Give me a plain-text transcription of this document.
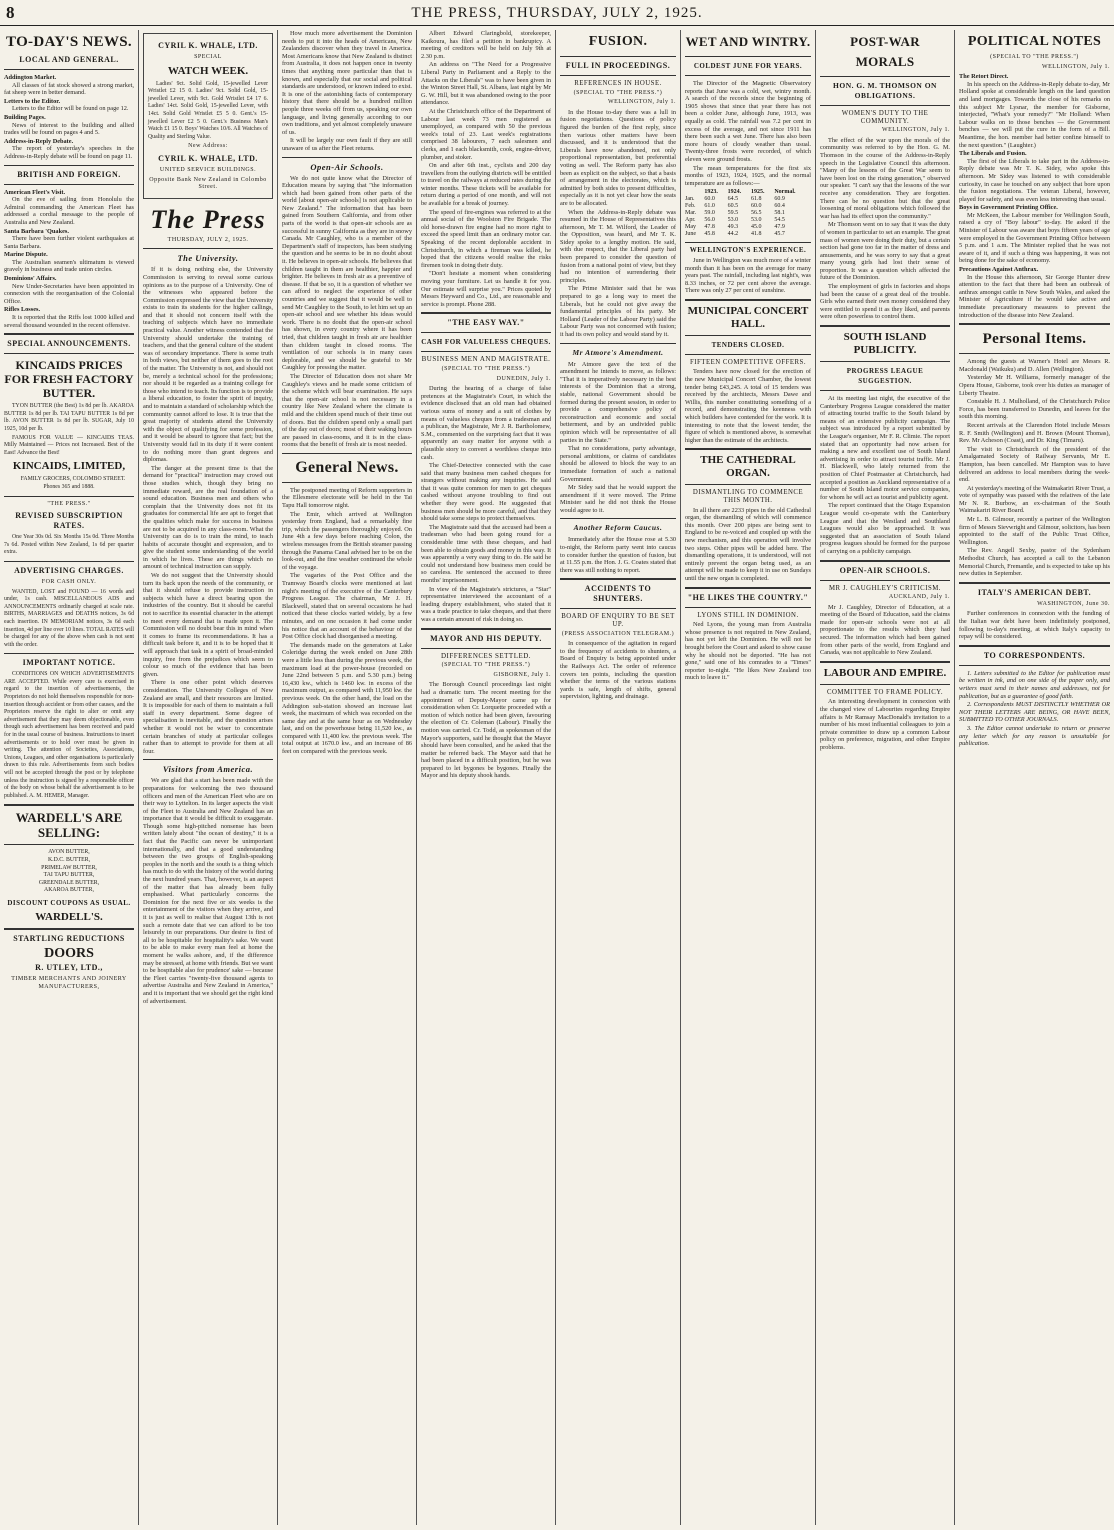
8	THE PRESS, THURSDAY, JULY 2, 1925.
TO-DAY'S NEWS.
LOCAL AND GENERAL.
Addington Market.

All classes of fat stock showed a strong market, fat sheep were in better demand.

Letters to the Editor.

Letters to the Editor will be found on page 12.

Building Pages.

News of interest to the building and allied trades will be found on pages 4 and 5.

Address-in-Reply Debate.

The report of yesterday's speeches in the Address-in-Reply debate will be found on page 11.

BRITISH AND FOREIGN.
American Fleet's Visit.

On the eve of sailing from Honolulu the Admiral commanding the American Fleet has addressed a cordial message to the people of Australia and New Zealand.

Santa Barbara 'Quakes.

There have been further violent earthquakes at Santa Barbara.

Marine Dispute.

The Australian seamen's ultimatum is viewed gravely in business and trade union circles.

Dominions' Affairs.

New Under-Secretaries have been appointed in connexion with the reorganisation of the Colonial Office.

Rifles Losses.

It is reported that the Riffs lost 1000 killed and several thousand wounded in the recent offensive.

SPECIAL ANNOUNCEMENTS.
KINCAIDS PRICES FOR FRESH FACTORY BUTTER.

TYON BUTTER (the Best) 1s 8d per lb. AKAROA BUTTER 1s 8d per lb. TAI TAPU BUTTER 1s 8d per lb. AVON BUTTER 1s 8d per lb. SUGAR, July 10 1925, 10d per lb.

FAMOUS FOR VALUE — KINCAIDS TEAS. Milly Maintained — Prices not Increased. Best of the East! Advance the Best!

KINCAIDS, LIMITED,

FAMILY GROCERS, COLOMBO STREET. Phones 365 and 1888.

"THE PRESS."
REVISED SUBSCRIPTION RATES.

One Year 30s 0d. Six Months 15s 0d. Three Months 7s 6d. Posted within New Zealand, 1s 6d per quarter extra.

ADVERTISING CHARGES.
FOR CASH ONLY.

WANTED, LOST and FOUND — 16 words and under, 1s cash. MISCELLANEOUS ADS and ANNOUNCEMENTS ordinarily charged at scale rate. BIRTHS, MARRIAGES and DEATHS notices, 3s 6d each insertion. IN MEMORIAM notices, 3s 6d each insertion, 4d per line over 10 lines. TOTAL RATES will be charged for any of the above when cash is not sent with the order.

IMPORTANT NOTICE.

CONDITIONS ON WHICH ADVERTISEMENTS ARE ACCEPTED. While every care is exercised in regard to the insertion of advertisements, the Proprietors do not hold themselves responsible for non-insertion through accident or from other causes, and the Proprietors reserve the right to alter or omit any advertisement that they may deem objectionable, even though such advertisement has been received and paid for in the usual course of business. Instructions to insert advertisements or to hold over must be given in writing. The attention of Societies, Associations, Unions, Leagues, and other organisations is particularly drawn to this rule. Advertisements from such bodies will not be accepted through the post or by telephone unless the instruction is signed by a responsible officer of the body on whose behalf the advertisement is to be published. A. M. HEMER, Manager.

WARDELL'S ARE SELLING:
AVON BUTTER,
K.D.C. BUTTER,
PRIMELAW BUTTER,
TAI TAPU BUTTER,
GREENDALE BUTTER,
AKAROA BUTTER,
DISCOUNT COUPONS AS USUAL.
WARDELL'S.
STARTLING REDUCTIONS
DOORS
R. UTLEY, LTD.,
TIMBER MERCHANTS AND JOINERY MANUFACTURERS,
CYRIL K. WHALE, LTD.
SPECIAL
WATCH WEEK.

Ladies' 9ct. Solid Gold, 15-jewelled Lever Wristlet £2 15 0. Ladies' 9ct. Solid Gold, 15-jewelled Lever, with 9ct. Gold Wristlet £4 17 6. Ladies' 14ct. Solid Gold, 15-jewelled Lever, with 14ct. Solid Gold Wristlet £5 5 0. Gent.'s 15-jewelled Lever £2 5 0. Gent.'s Business Man's Watch £1 15 0. Boys' Watches 10/6. All Watches of Quality and Sterling Value.

New Address:
CYRIL K. WHALE, LTD.
UNITED SERVICE BUILDINGS.
Opposite Bank New Zealand in Colombo Street.
The Press
THURSDAY, JULY 2, 1925.
The University.

If it is doing nothing else, the University Commission is serving to reveal some curious opinions as to the purpose of a University. One of the witnesses who appeared before the Commission expressed the view that the University exists to train its students for the higher callings, and that it should not concern itself with the teaching of subjects which have no immediate practical value. Another witness contended that the University should undertake the training of teachers, and that the general culture of the student was of secondary importance. There is some truth in both views, but neither of them goes to the root of the matter. The University is not, and should not be, merely a technical school for the professions; nor should it be regarded as a training college for those who intend to teach. Its function is to provide a liberal education, to foster the spirit of inquiry, and to maintain a standard of scholarship which the community cannot afford to lose. It is true that the great majority of students attend the University with the object of qualifying for some profession, and it would be absurd to ignore that fact; but the University would fail in its duty if it were content to do nothing more than grant degrees and diplomas.

The danger at the present time is that the demand for "practical" instruction may crowd out those studies which, though they bring no immediate reward, are the real foundation of a sound education. Business men and others who complain that the University does not fit its graduates for commercial life are apt to forget that the qualities which make for success in business are not to be acquired in any class-room. What the University can do is to train the mind, to teach habits of accurate thought and expression, and to give the student some understanding of the world in which he lives. These are things which no amount of technical instruction can supply.

We do not suggest that the University should turn its back upon the needs of the community, or that it should refuse to provide instruction in subjects which have a direct bearing upon the industries of the country. But it should be careful not to sacrifice its essential character in the attempt to meet every demand that is made upon it. The Commission will no doubt bear this in mind when it comes to frame its recommendations. It has a difficult task before it, and it is to be hoped that it will approach that task in a spirit of broad-minded inquiry, free from the prejudices which seem to colour so much of the evidence that has been given.

There is one other point which deserves consideration. The University Colleges of New Zealand are small, and their resources are limited. It is impossible for each of them to maintain a full staff in every department. Some degree of specialisation is inevitable, and the question arises whether it would not be wiser to concentrate certain branches of study at particular colleges rather than to attempt to provide for them at all four.

Visitors from America.

We are glad that a start has been made with the preparations for welcoming the two thousand officers and men of the American Fleet who are on their way to Lyttelton. In its larger aspects the visit of the Fleet to Australia and New Zealand has an importance that it would be difficult to exaggerate. Though some high-pitched nonsense has been written lately about "the ocean of destiny," it is a fact that the Pacific can never be unimportant internationally, and that a good understanding between the two groups of English-speaking peoples in the north and the south is a thing which has much to do with the history of the world during the next hundred years. That, however, is an aspect of the matter that has already been fully emphasised. What particularly concerns the Dominion for the next five or six weeks is the entertainment of the visitors when they arrive, and it is just as well to realise that August 13th is not such a remote date that we can afford to be too leisurely in our preparations. Our desire is first of all to be hospitable for hospitality's sake. We want to be able to make every man feel at home the moment he walks ashore, and, if the difference may be stressed, at home with friends. But we want to be hospitable also for prudence' sake — because the Fleet carries "twenty-five thousand agents to advertise Australia and New Zealand in America," and it is important that we should get the right kind of advertisement.

How much more advertisement the Dominion needs to put it into the heads of Americans, New Zealanders discover when they travel in America. Most Americans know that New Zealand is distinct from Australia, it does not happen once in twenty times that anything more particular than that is known, and especially that our social and political standards are understood, or known indeed to exist. It is one of the astonishing facts of contemporary history that there should be a hundred million people three weeks off from us, speaking our own language, and living generally according to our own traditions, and yet almost completely unaware of us.

It will be largely our own fault if they are still unaware of us after the Fleet returns.

Open-Air Schools.

We do not quite know what the Director of Education means by saying that "the information which had been gained from other parts of the world [about open-air schools] is not applicable to New Zealand." The information that has been gained from Southern California, and from other parts of the world is that open-air schools are as successful in sunny California as they are in snowy Canada. Mr Caughley, who is a member of the Department's staff of inspectors, has been studying the question and he seems to be in no doubt about it. He believes in open-air schools. He believes that children taught in them are healthier, happier and brighter. He believes in fresh air as a preventive of disease. If that be so, it is a question of whether we can afford to neglect the experience of other countries and we suggest that it would be well to send Mr Caughley to the South, to let him set up an open-air school and see whether his ideas would work. There is no doubt that the open-air school has shown, in every country where it has been tried, that children taught in fresh air are healthier than children taught in closed rooms. The ventilation of our schools is in many cases deplorable, and we should be grateful to Mr Caughley for pressing the matter.

The Director of Education does not share Mr Caughley's views and he made some criticism of the scheme which will bear examination. He says that the open-air school is not necessary in a country like New Zealand where the climate is mild and the children spend much of their time out of doors. But the children spend only a small part of the day out of doors; most of their waking hours are passed in class-rooms, and it is in the class-rooms that the benefit of fresh air is most needed.

General News.

The postponed meeting of Reform supporters in the Ellesmere electorate will be held in the Tai Tapu Hall tomorrow night.

The Emir, which arrived at Wellington yesterday from England, had a remarkably fine trip, which the passengers thoroughly enjoyed. On June 4th a few days before reaching Colon, the wireless messages from the British steamer passing through the Panama Canal advised her to be on the look-out, and the fine weather continued the whole of the voyage.

The vagaries of the Post Office and the Tramway Board's clocks were mentioned at last night's meeting of the executive of the Canterbury Progress League. The chairman, Mr J. H. Blackwell, stated that on several occasions he had noticed that these clocks varied widely, by a few minutes, and on one occasion it had come under his notice that an account of the behaviour of the Post Office clock had disorganised a meeting.

The demands made on the generators at Lake Coleridge during the week ended on June 28th were a little less than during the previous week, the maximum load at the power-house (recorded on June 22nd between 5 p.m. and 5.30 p.m.) being 16,430 kw., which is 1460 kw. in excess of the maximum output, as compared with 11,950 kw. the previous week. On the other hand, the load on the Addington sub-station showed an increase last week, the maximum of which was recorded on the same day and at the same hour as on Wednesday last, and on the powerhouse being 11,520 kw., as compared with 11,400 kw. the previous week. The total output at 1670.0 kw., and an increase of 86 feet on compared with the previous week.

Albert Edward Claringbold, storekeeper, Kaikoura, has filed a petition in bankruptcy. A meeting of creditors will be held on July 9th at 2.30 p.m.

An address on "The Need for a Progressive Liberal Party in Parliament and a Reply to the Attacks on the Liberals" was to have been given in the Winton Street Hall, St. Albans, last night by Mr G. W. Hill, but it was abandoned owing to the poor attendance.

At the Christchurch office of the Department of Labour last week 73 men registered as unemployed, as compared with 50 the previous week's total of 23. Last week's registrations comprised 38 labourers, 7 each salesmen and clerks, and 1 each blacksmith, cook, engine-driver, plumber, and stoker.

On and after 6th inst., cyclists and 200 day travellers from the outlying districts will be entitled to travel on the railways at reduced rates during the winter months. These tickets will be available for return during a period of one month, and will not be available for a break of journey.

The speed of fire-engines was referred to at the annual social of the Woolston Fire Brigade. The old horse-drawn fire engine had no more right to exceed the speed limit than an ordinary motor car. Speaking of the recent deplorable accident in Christchurch, in which a fireman was killed, he hoped that the citizens would realise the risks firemen took in doing their duty.

"Don't hesitate a moment when considering moving your furniture. Let us handle it for you. Our estimate will surprise you." Prices quoted by Messrs Heyward and Co., Ltd., are reasonable and service is prompt. Phone 288.

"THE EASY WAY."
CASH FOR VALUELESS CHEQUES.
BUSINESS MEN AND MAGISTRATE.
(SPECIAL TO "THE PRESS.")
DUNEDIN, July 1.

During the hearing of a charge of false pretences at the Magistrate's Court, in which the evidence disclosed that an old man had obtained various sums of money and a suit of clothes by means of valueless cheques from a tradesman and a publican, the Magistrate, Mr J. R. Bartholomew, S.M., commented on the surprising fact that it was apparently an easy matter for anyone with a plausible story to convert a worthless cheque into cash.

The Chief-Detective connected with the case said that many business men cashed cheques for strangers without making any inquiries. He said that it was quite common for men to get cheques cashed without anyone troubling to find out whether they were good. He suggested that business men should be more careful, and that they should take some steps to protect themselves.

The Magistrate said that the accused had been a tradesman who had been going round for a considerable time with these cheques, and had been able to obtain goods and money in this way. It was apparently a very easy thing to do. He said he could not understand how business men could be so careless. He sentenced the accused to three months' imprisonment.

In view of the Magistrate's strictures, a "Star" representative interviewed the accountant of a leading drapery establishment, who stated that it was a trade practice to take cheques, and that there was a certain amount of risk in doing so.

MAYOR AND HIS DEPUTY.
DIFFERENCES SETTLED.
(SPECIAL TO "THE PRESS.")
GISBORNE, July 1.

The Borough Council proceedings last night had a dramatic turn. The recent meeting for the appointment of Deputy-Mayor came up for consideration when Cr. Lorquette proceeded with a motion of which notice had been given, favouring the election of Cr. Coleman (Labour). Finally the motion was carried. Cr. Todd, as spokesman of the Mayor's supporters, said he thought that the Mayor should have been consulted, and he asked that the matter be referred back. The Mayor said that he had been placed in a difficult position, but he was prepared to let bygones be bygones. Finally the Mayor and his deputy shook hands.

FUSION.
FULL IN PROCEEDINGS.
REFERENCES IN HOUSE.
(SPECIAL TO "THE PRESS.")
WELLINGTON, July 1.

In the House to-day there was a lull in fusion negotiations. Questions of policy figured the burden of the first reply, since then various other matters have been discussed, and it is understood that the Liberals have now abandoned, not only proportional representation, but preferential voting as well. The Reform party has also been as explicit on the subject, so that a basis of arrangement in the electorates, which is admitted by both sides to present difficulties, especially as it is not yet clear how the seats are to be allocated.

When the Address-in-Reply debate was resumed in the House of Representatives this afternoon, Mr T. M. Wilford, the Leader of the Opposition, was heard, and Mr T. K. Sidey spoke to a lengthy motion. He said, with due respect, that the Liberal party had been prepared to consider the question of fusion from a national point of view, but they had no intention of surrendering their principles.

The Prime Minister said that he was prepared to go a long way to meet the Liberals, but he could not give away the fundamental principles of his party. Mr Holland (Leader of the Labour Party) said the Labour Party was not concerned with fusion; it had its own policy and would stand by it.

Mr Atmore's Amendment.

Mr Atmore gave the text of the amendment he intends to move, as follows: "That it is imperatively necessary in the best interests of the Dominion that a strong, stable, national Government should be formed during the present session, in order to provide a comprehensive policy of reconstruction and economic and social betterment, and by an undivided public opinion which will be representative of all parties in the State."

That no considerations, party advantage, personal ambitions, or claims of candidates should be allowed to block the way to an immediate formation of such a national Government.

Mr Sidey said that he would support the amendment if it were moved. The Prime Minister said he did not think the House would agree to it.

Another Reform Caucus.

Immediately after the House rose at 5.30 to-night, the Reform party went into caucus to consider further the question of fusion, but at 11.55 p.m. the Hon. J. G. Coates stated that there was still nothing to report.

ACCIDENTS TO SHUNTERS.
BOARD OF ENQUIRY TO BE SET UP.
(PRESS ASSOCIATION TELEGRAM.)

In consequence of the agitation in regard to the frequency of accidents to shunters, a Board of Enquiry is being appointed under the Railways Act. The order of reference covers ten points, including the question whether the terms of the various stations yards is safe, length of shifts, general supervision, lighting, and drainage.

WET AND WINTRY.
COLDEST JUNE FOR YEARS.

The Director of the Magnetic Observatory reports that June was a cold, wet, wintry month. A search of the records since the beginning of 1905 shows that since that year there has not been a colder June, although June, 1913, was equally as cold. The rainfall was 7.2 per cent in excess of the average, and not since 1911 has there been such a wet June. There has also been more hours of cloudy weather than usual. Twenty-three frosts were recorded, of which eleven were ground frosts.

The mean temperatures for the first six months of 1923, 1924, 1925, and the normal temperature are as follows:—

	1923.	1924.	1925.	Normal.
Jan.	60.0	64.5	61.8	60.9
Feb.	61.0	60.5	60.0	60.4
Mar.	59.0	59.5	56.5	58.1
Apr.	56.0	53.0	53.0	54.5
May	47.8	49.3	45.0	47.9
June	45.8	44.2	41.8	45.7
WELLINGTON'S EXPERIENCE.

June in Wellington was much more of a winter month than it has been on the average for many years past. The rainfall, including last night's, was 8.33 inches, or 72 per cent above the average. There was only 27 per cent of sunshine.

MUNICIPAL CONCERT HALL.
TENDERS CLOSED.
FIFTEEN COMPETITIVE OFFERS.

Tenders have now closed for the erection of the new Municipal Concert Chamber, the lowest tender being £43,245. A total of 15 tenders was received by the architects, Messrs Dawe and Willis, this number constituting something of a record, and demonstrating the keenness with which builders have contended for the work. It is interesting to note that the lowest tender, the figure of which is mentioned above, is somewhat higher than the estimate of the architects.

THE CATHEDRAL ORGAN.
DISMANTLING TO COMMENCE THIS MONTH.

In all there are 2233 pipes in the old Cathedral organ, the dismantling of which will commence this month. Over 200 pipes are being sent to England to be re-voiced and coupled up with the new mechanism, and this operation will involve two steps. Other pipes will be added here. The dismantling operations, it is understood, will not entirely prevent the organ being used, as an attempt will be made to keep it in use on Sundays until the new organ is completed.

"HE LIKES THE COUNTRY."
LYONS STILL IN DOMINION.

Ned Lyons, the young man from Australia whose presence is not required in New Zealand, has not yet left the Dominion. He will not be brought before the Court and asked to show cause why he should not be deported. "He has not gone," said one of his comrades to a "Times" reporter to-night. "He likes New Zealand too much to leave it."

POST-WAR MORALS
HON. G. M. THOMSON ON OBLIGATIONS.
WOMEN'S DUTY TO THE COMMUNITY.
WELLINGTON, July 1.

The effect of the war upon the morals of the community was referred to by the Hon. G. M. Thomson in the course of the Address-in-Reply speech in the Legislative Council this afternoon. "Many of the lessons of the Great War seem to have been lost on the rising generation," observed our speaker. "I can't say that the lessons of the war receive any consideration. They are forgotten. There can be no question but that the great loosening of moral obligations which followed the war has had its effect upon the community."

Mr Thomson went on to say that it was the duty of women in particular to set an example. The great mass of women were doing their duty, but a certain section had gone too far in the matter of dress and amusements, and he was sorry to say that a great many young girls had lost their sense of proportion. It was a question which affected the future of the Dominion.

The employment of girls in factories and shops had been the cause of a great deal of the trouble. Girls who earned their own money considered they were entitled to spend it as they liked, and parents were often powerless to control them.

SOUTH ISLAND PUBLICITY.
PROGRESS LEAGUE SUGGESTION.

At its meeting last night, the executive of the Canterbury Progress League considered the matter of attracting tourist traffic to the South Island by means of an extensive publicity campaign. The subject was introduced by a report submitted by the League's organiser, Mr F. R. Climie. The report stated that an opportunity had now arisen for making a new and excellent use of South Island advertising in order to attract tourist traffic. Mr J. H. Blackwell, who lately returned from the position of Chief Postmaster at Christchurch, had accepted a position as Auckland representative of a number of South Island motor service companies, for whom he will act as tourist and publicity agent.

The report continued that the Otago Expansion League would co-operate with the Canterbury League and that the Westland and Southland Leagues would also be approached. It was suggested that an association of South Island progress leagues should be formed for the purpose of carrying on a publicity campaign.

OPEN-AIR SCHOOLS.
MR J. CAUGHLEY'S CRITICISM.
AUCKLAND, July 1.

Mr J. Caughley, Director of Education, at a meeting of the Board of Education, said the claims made for open-air schools were not at all proportionate to the results which they had secured. The information which had been gained from other parts of the world, from England and Canada, was not applicable to New Zealand.

LABOUR AND EMPIRE.
COMMITTEE TO FRAME POLICY.

An interesting development in connexion with the changed view of Labourites regarding Empire affairs is Mr Ramsay MacDonald's invitation to a number of his most influential colleagues to join a private committee to draw up a common Labour policy on preference, migration, and other Empire problems.

POLITICAL NOTES
(SPECIAL TO "THE PRESS.")
WELLINGTON, July 1.
The Retort Direct.

In his speech on the Address-in-Reply debate to-day, Mr Holland spoke at considerable length on the land question and land mortgages. Towards the close of his remarks on this subject Mr Lysnar, the member for Gisborne, interjected, "What's your remedy?" "Mr Holland: When Labour walks on to those benches — the Government benches — we will put the cure in the form of a Bill. Meantime, the hon. member had better confine himself to the next question." (Laughter.)

The Liberals and Fusion.

The first of the Liberals to take part in the Address-in-Reply debate was Mr T. K. Sidey, who spoke this afternoon. Mr Sidey was listened to with considerable curiosity, in case he touched on any subject that bore upon the fusion negotiations. The veteran Liberal, however, played for safety, and was even less interesting than usual.

Boys in Government Printing Office.

Mr McKeen, the Labour member for Wellington South, raised a cry of "Boy labour" to-day. He asked if the Minister of Labour was aware that boys fifteen years of age were employed in the Government Printing Office between 5 p.m. and 1 a.m. The Minister replied that he was not aware of it, and if such a thing was happening, it was not being done for the sake of economy.

Precautions Against Anthrax.

In the House this afternoon, Sir George Hunter drew attention to the fact that there had been an outbreak of anthrax amongst cattle in New South Wales, and asked the Minister of Agriculture if he would take active and immediate precautionary measures to prevent the introduction of the disease into New Zealand.

Personal Items.

Among the guests at Warner's Hotel are Messrs R. Macdonald (Waikuku) and D. Allen (Wellington).

Yesterday Mr H. Williams, formerly manager of the Opera House, Gisborne, took over his duties as manager of Liberty Theatre.

Constable H. J. Mulholland, of the Christchurch Police Force, has been transferred to Dunedin, and leaves for the south this morning.

Recent arrivals at the Clarendon Hotel include Messrs R. F. Smith (Wellington) and H. Brown (Mount Thomas), Rev. Mr Acheson (Coast), and Dr. King (Timaru).

The visit to Christchurch of the president of the Amalgamated Society of Railway Servants, Mr E. Hampton, has been cancelled. Mr Hampton was to have delivered an address to local members during the week-end.

At yesterday's meeting of the Waimakariri River Trust, a vote of sympathy was passed with the relatives of the late Mr N. R. Burbow, an ex-chairman of the South Waimakariri River Board.

Mr L. B. Gilmour, recently a partner of the Wellington firm of Messrs Sievwright and Gilmour, solicitors, has been appointed to the staff of the Public Trust Office, Wellington.

The Rev. Angell Sexby, pastor of the Sydenham Methodist Church, has accepted a call to the Lebanon Memorial Church, Fremantle, and is expected to take up his new duties in September.

ITALY'S AMERICAN DEBT.
WASHINGTON, June 30.

Further conferences in connexion with the funding of the Italian war debt have been indefinitely postponed, following to-day's meeting, at which Italy's capacity to repay will be considered.

TO CORRESPONDENTS.

1. Letters submitted to the Editor for publication must be written in ink, and on one side of the paper only, and writers must send in their names and addresses, not for publication, but as a guarantee of good faith.

2. Correspondents MUST DISTINCTLY WHETHER OR NOT THEIR LETTERS ARE BEING, OR HAVE BEEN, SUBMITTED TO OTHER JOURNALS.

3. The Editor cannot undertake to return or preserve any letter which for any reason is unsuitable for publication.
